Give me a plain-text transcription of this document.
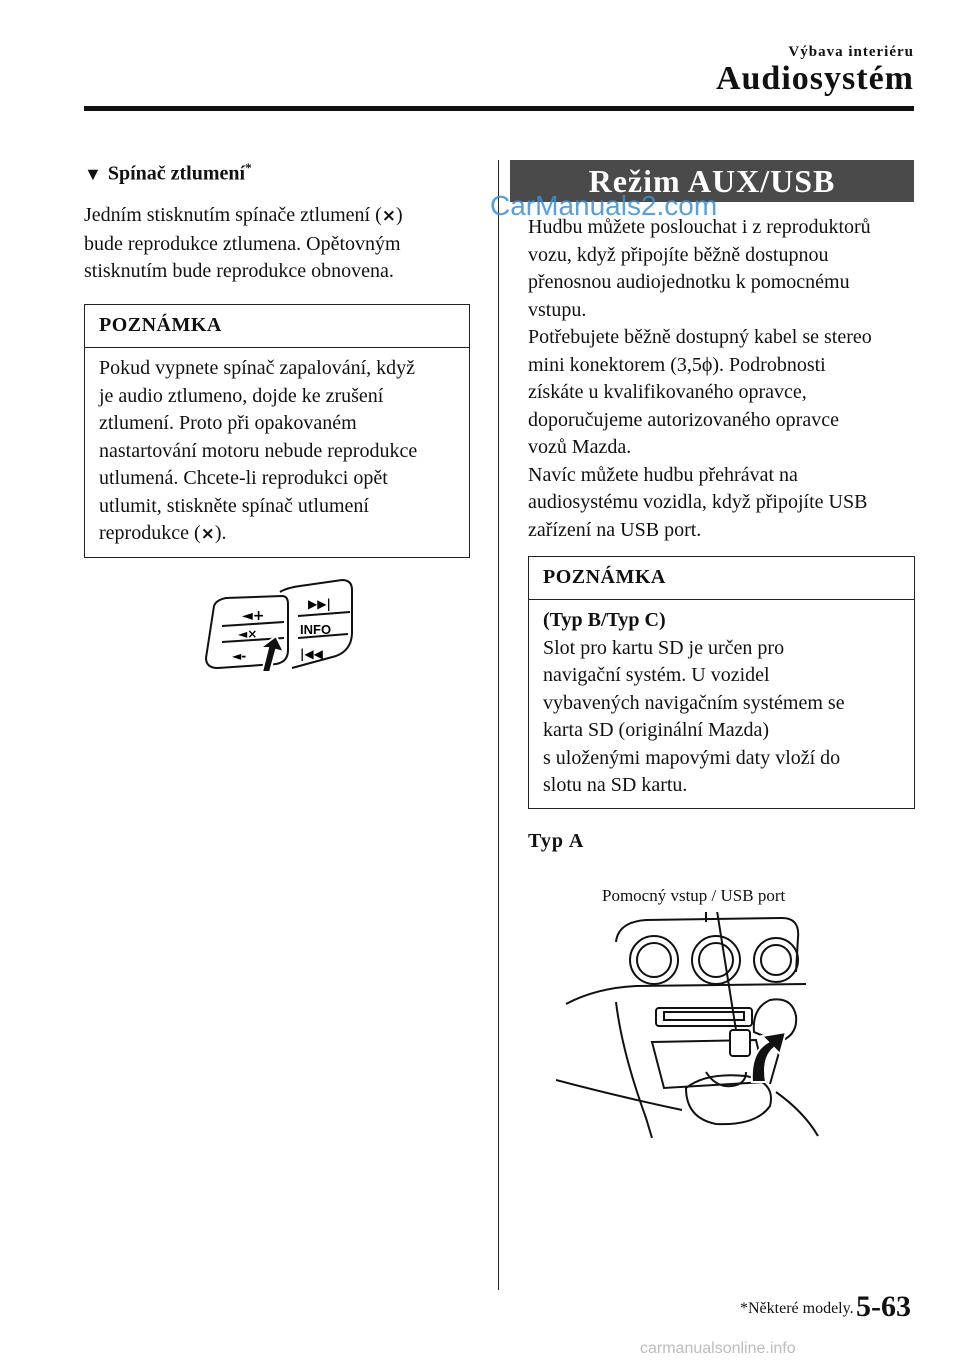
Výbava interiéru
Audiosystém
▼ Spínač ztlumení*
Jedním stisknutím spínače ztlumení (⨯)
bude reprodukce ztlumena. Opětovným
stisknutím bude reprodukce obnovena.
POZNÁMKA
Pokud vypnete spínač zapalování, když
je audio ztlumeno, dojde ke zrušení
ztlumení. Proto při opakovaném
nastartování motoru nebude reprodukce
utlumená. Chcete-li reprodukci opět
utlumit, stiskněte spínač utlumení
reprodukce (⨯).
◄+
◄×
◄-
▶▶|
INFO
|◀◀
Režim AUX/USB
CarManuals2.com
Hudbu můžete poslouchat i z reproduktorů
vozu, když připojíte běžně dostupnou
přenosnou audiojednotku k pomocnému
vstupu.
Potřebujete běžně dostupný kabel se stereo
mini konektorem (3,5ϕ). Podrobnosti
získáte u kvalifikovaného opravce,
doporučujeme autorizovaného opravce
vozů Mazda.
Navíc můžete hudbu přehrávat na
audiosystému vozidla, když připojíte USB
zařízení na USB port.
POZNÁMKA
(Typ B/Typ C)
Slot pro kartu SD je určen pro
navigační systém. U vozidel
vybavených navigačním systémem se
karta SD (originální Mazda)
s uloženými mapovými daty vloží do
slotu na SD kartu.
Typ A
Pomocný vstup / USB port
*Některé modely. 5-63
carmanualsonline.info
